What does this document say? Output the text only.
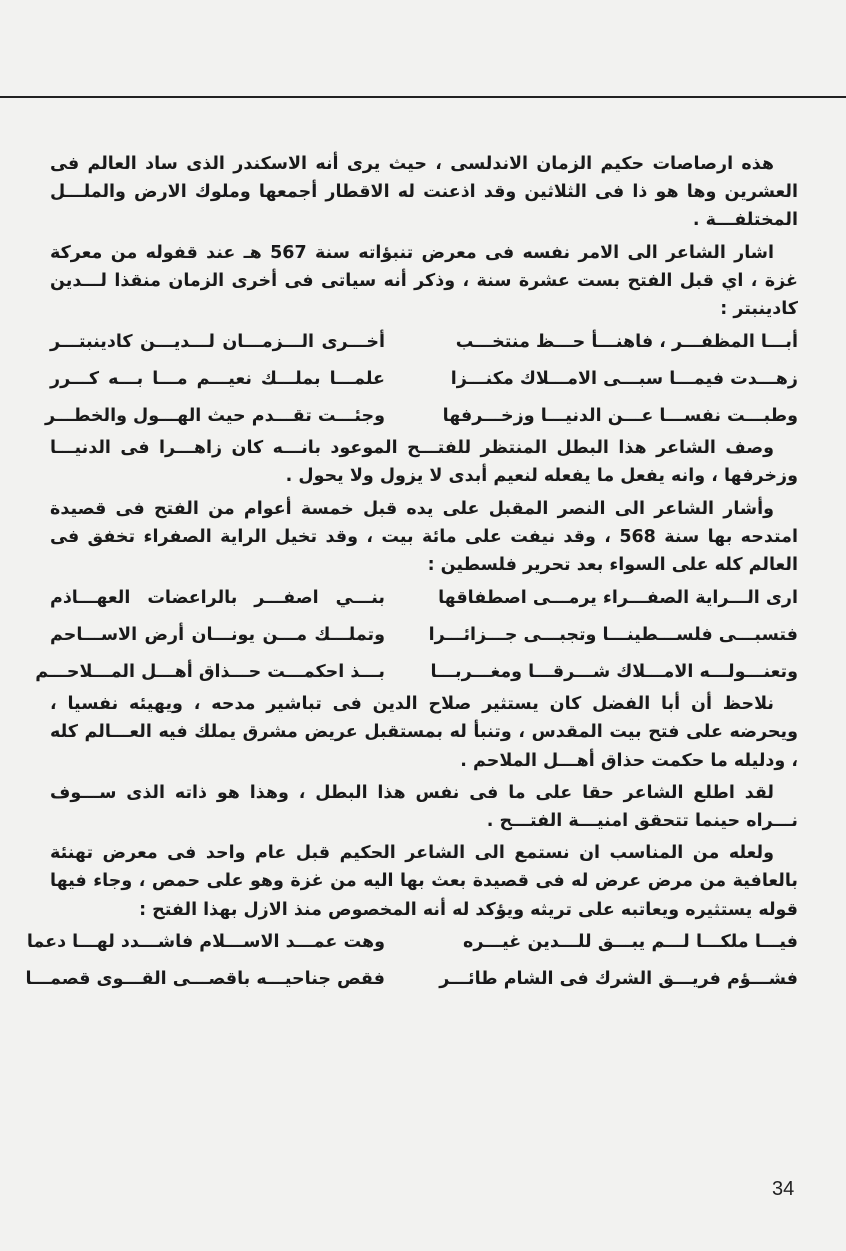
هذه ارصاصات حكيم الزمان الاندلسى ، حيث يرى أنه الاسكندر الذى ساد العالم فى العشرين وها هو ذا فى الثلاثين وقد اذعنت له الاقطار أجمعها وملوك الارض والملـــل المختلفـــة .

اشار الشاعر الى الامر نفسه فى معرض تنبؤاته سنة 567 هـ عند قفوله من معركة غزة ، اي قبل الفتح بست عشرة سنة ، وذكر أنه سياتى فى أخرى الزمان منقذا لـــدين كادينبتر :

أبـــا المظفـــر ، فاهنـــأ حـــظ منتخـــب
أخـــرى الـــزمـــان لـــديـــن كادينبتـــر
زهـــدت فيمـــا سبـــى الامـــلاك مكنـــزا
علمـــا بملـــك نعيـــم مـــا بـــه كـــرر
وطبـــت نفســـا عـــن الدنيـــا وزخـــرفها
وجئـــت تقـــدم حيث الهـــول والخطـــر

وصف الشاعر هذا البطل المنتظر للفتـــح الموعود بانـــه كان زاهـــرا فى الدنيـــا وزخرفها ، وانه يفعل ما يفعله لنعيم أبدى لا يزول ولا يحول .

وأشار الشاعر الى النصر المقبل على يده قبل خمسة أعوام من الفتح فى قصيدة امتدحه بها سنة 568 ، وقد نيفت على مائة بيت ، وقد تخيل الراية الصفراء تخفق فى العالم كله على السواء بعد تحرير فلسطين :

ارى الـــراية الصفـــراء يرمـــى اصطفاقها
بنـــي اصفـــر بالراعضات العهـــاذم
فتسبـــى فلســـطينـــا وتجبـــى جـــزائـــرا
وتملـــك مـــن يونـــان أرض الاســـاحم
وتعنـــولـــه الامـــلاك شـــرقـــا ومغـــربـــا
بـــذ احكمـــت حـــذاق أهـــل المـــلاحـــم

نلاحظ أن أبا الفضل كان يستثير صلاح الدين فى تباشير مدحه ، ويهيئه نفسيا ، ويحرضه على فتح بيت المقدس ، وتنبأ له بمستقبل عريض مشرق يملك فيه العـــالم كله ، ودليله ما حكمت حذاق أهـــل الملاحم .

لقد اطلع الشاعر حقا على ما فى نفس هذا البطل ، وهذا هو ذاته الذى ســـوف نـــراه حينما تتحقق امنيـــة الفتـــح .

ولعله من المناسب ان نستمع الى الشاعر الحكيم قبل عام واحد فى معرض تهنئة بالعافية من مرض عرض له فى قصيدة بعث بها اليه من غزة وهو على حمص ، وجاء فيها قوله يستثيره ويعاتبه على تريثه ويؤكد له أنه المخصوص منذ الازل بهذا الفتح :

فيـــا ملكـــا لـــم يبـــق للـــدين غيـــره
وهت عمـــد الاســـلام فاشـــدد لهـــا دعما
فشـــؤم فريـــق الشرك فى الشام طائـــر
فقص جناحيـــه باقصـــى القـــوى قصمـــا
34
